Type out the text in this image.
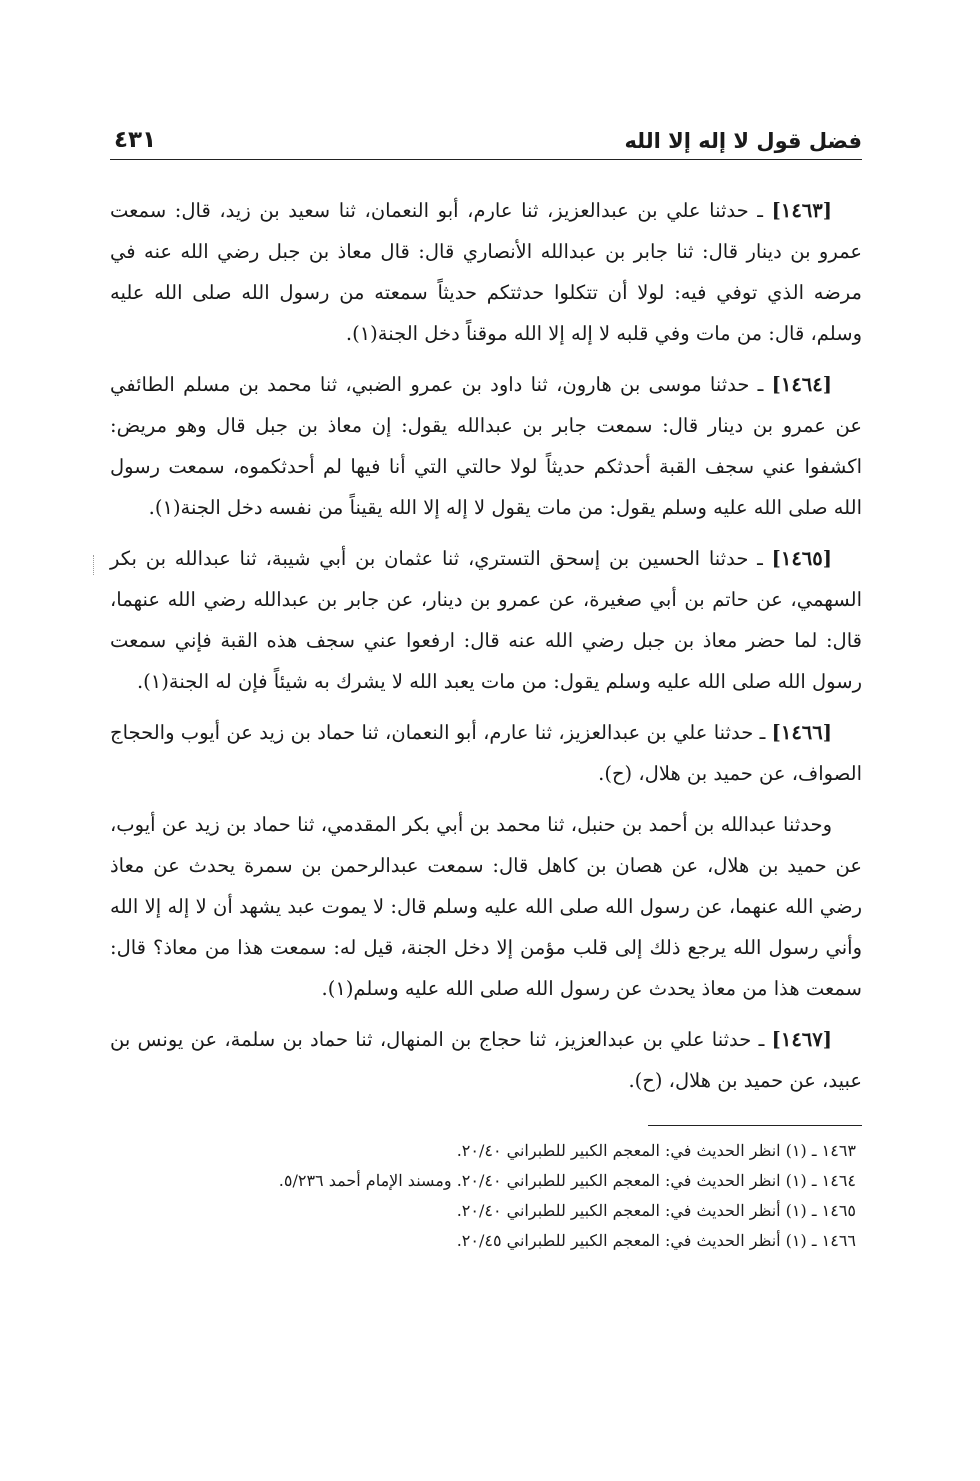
فضل قول لا إله إلا الله
٤٣١

[١٤٦٣] ـ حدثنا علي بن عبدالعزيز، ثنا عارم، أبو النعمان، ثنا سعيد بن زيد، قال: سمعت عمرو بن دينار قال: ثنا جابر بن عبدالله الأنصاري قال: قال معاذ بن جبل رضي الله عنه في مرضه الذي توفي فيه: لولا أن تتكلوا حدثتكم حديثاً سمعته من رسول الله صلى الله عليه وسلم، قال: من مات وفي قلبه لا إله إلا الله موقناً دخل الجنة(١).

[١٤٦٤] ـ حدثنا موسى بن هارون، ثنا داود بن عمرو الضبي، ثنا محمد بن مسلم الطائفي عن عمرو بن دينار قال: سمعت جابر بن عبدالله يقول: إن معاذ بن جبل قال وهو مريض: اكشفوا عني سجف القبة أحدثكم حديثاً لولا حالتي التي أنا فيها لم أحدثكموه، سمعت رسول الله صلى الله عليه وسلم يقول: من مات يقول لا إله إلا الله يقيناً من نفسه دخل الجنة(١).

[١٤٦٥] ـ حدثنا الحسين بن إسحق التستري، ثنا عثمان بن أبي شيبة، ثنا عبدالله بن بكر السهمي، عن حاتم بن أبي صغيرة، عن عمرو بن دينار، عن جابر بن عبدالله رضي الله عنهما، قال: لما حضر معاذ بن جبل رضي الله عنه قال: ارفعوا عني سجف هذه القبة فإني سمعت رسول الله صلى الله عليه وسلم يقول: من مات يعبد الله لا يشرك به شيئاً فإن له الجنة(١).

[١٤٦٦] ـ حدثنا علي بن عبدالعزيز، ثنا عارم، أبو النعمان، ثنا حماد بن زيد عن أيوب والحجاج الصواف، عن حميد بن هلال، (ح).

وحدثنا عبدالله بن أحمد بن حنبل، ثنا محمد بن أبي بكر المقدمي، ثنا حماد بن زيد عن أيوب، عن حميد بن هلال، عن هصان بن كاهل قال: سمعت عبدالرحمن بن سمرة يحدث عن معاذ رضي الله عنهما، عن رسول الله صلى الله عليه وسلم قال: لا يموت عبد يشهد أن لا إله إلا الله وأني رسول الله يرجع ذلك إلى قلب مؤمن إلا دخل الجنة، قيل له: سمعت هذا من معاذ؟ قال: سمعت هذا من معاذ يحدث عن رسول الله صلى الله عليه وسلم(١).

[١٤٦٧] ـ حدثنا علي بن عبدالعزيز، ثنا حجاج بن المنهال، ثنا حماد بن سلمة، عن يونس بن عبيد، عن حميد بن هلال، (ح).

١٤٦٣ ـ (١) انظر الحديث في: المعجم الكبير للطبراني ٢٠/٤٠.
١٤٦٤ ـ (١) انظر الحديث في: المعجم الكبير للطبراني ٢٠/٤٠. ومسند الإمام أحمد ٥/٢٣٦.
١٤٦٥ ـ (١) أنظر الحديث في: المعجم الكبير للطبراني ٢٠/٤٠.
١٤٦٦ ـ (١) أنظر الحديث في: المعجم الكبير للطبراني ٢٠/٤٥.
